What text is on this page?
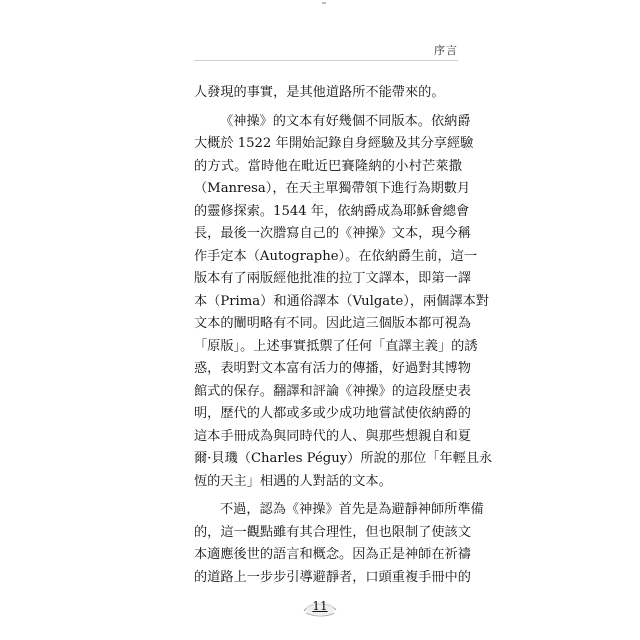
序言
人發現的事實，是其他道路所不能帶來的。
《神操》的文本有好幾個不同版本。依納爵
大概於 1522 年開始記錄自身經驗及其分享經驗
的方式。當時他在毗近巴賽隆納的小村芒萊撒
（Manresa），在天主單獨帶領下進行為期數月
的靈修探索。1544 年，依納爵成為耶穌會總會
長，最後一次謄寫自己的《神操》文本，現今稱
作手定本（Autographe）。在依納爵生前，這一
版本有了兩版經他批准的拉丁文譯本，即第一譯
本（Prima）和通俗譯本（Vulgate），兩個譯本對
文本的闡明略有不同。因此這三個版本都可視為
「原版」。上述事實抵禦了任何「直譯主義」的誘
惑，表明對文本富有活力的傳播，好過對其博物
館式的保存。翻譯和評論《神操》的這段歷史表
明，歷代的人都或多或少成功地嘗試使依納爵的
這本手冊成為與同時代的人、與那些想親自和夏
爾·貝璣（Charles Péguy）所說的那位「年輕且永
恆的天主」相遇的人對話的文本。
不過，認為《神操》首先是為避靜神師所準備
的，這一觀點雖有其合理性，但也限制了使該文
本適應後世的語言和概念。因為正是神師在祈禱
的道路上一步步引導避靜者，口頭重複手冊中的
11
